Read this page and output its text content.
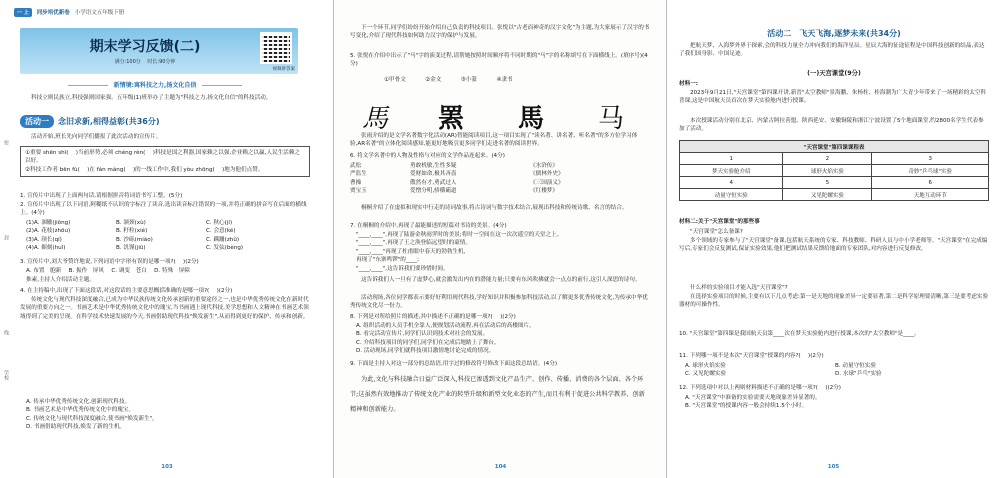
一 上	同步培优新卷 小学语文五年级下册
密
封
线
学校
期末学习反馈(二)
满分:100分 　时长:90分钟
视频讲答案
新情境:寓科技之力,扬文化自信
科技立则民族立,科技强则国家强。五年级(1)班举办了主题为"科技之力,扬文化自信"的科技活动。
活动一	念旧求新,相得益彰(共36分)
活动开始,班长先向同学们播报了此次活动的宣传片。
①重要 shēn shì( 　)当前形势,必须 chéng rèn( 　)科技是国之利器,国家赖之以强,企业赖之以赢,人民生活赖之以好。
②科技工作者 bēn fù( 　)在 fán máng( 　)的一线工作中,我们 yòu zhōng( 　)地为他们点赞。
1. 宣传片中出现了上面两句话,请根据拼音将词语书写工整。(5分)
2. 宣传片中出现了以下词语,阿糊纸不认识的字标注了读音,选出读音标注错误的一项,并将正确的拼音写在后面的横线上。(4分)
(1)A. 涸辙(jiǒng)	B. 颔颈(xù)	C. 秋心(jí)
(2)A. 花枝(zhōu)	B. 籽粒(xié)	C. 会意(ké)
(3)A. 颀长(qí)	B. 沙砾(miào)	C. 蹒跚(zhǔ)
(4)A. 媚刻(huǐ)	B. 饥馑(jiū)	C. 发弦(bèng)
3. 宣传片中,刘大爷赞许地说,下列词语中字形有误的是哪一项?( 　)(2分)
A. 布置　胞新 　B. 振作　屏风 　C. 调变　苍白 　D. 特殊　屏障
推素,主持人介绍活动主题。
4. 在主持稿中,出现了下面这段话,对这段话的主要意思概括准确的是哪一项?( 　)(2分)
传统文化与现代科技深度融合,已成为中华民族传统文化传承创新的重要途径之一,也是中华优秀传统文化在新时代发展的重要方向之一。书画艺术是中华优秀传统文化中的瑰宝,当书画遇上现代科技,美学思想和人文精神在书画艺术领域得到了完美的呈现。在科学技术快速发展的今天,书画借助现代科技"焕发新生",从而得到更好的保护、传承和创新。
A. 传承中华优秀传统文化,创新现代科技。
B. 书画艺术是中华优秀传统文化中的瑰宝。
C. 传统文化与现代科技深度融合,使书画"焕发新生"。
D. 书画借助现代科技,焕发了新的生机。
103
下一个环节,同学们纷纷开始介绍自己负责的科技项目。张悦以"古老而神奇的汉字文化"为主题,为大家展示了汉字的书写变化,介绍了现代科技如何助力汉字的保护与发展。
5. 张悦在介绍中出示了"马"字的演变过程,请帮她按照时间顺序将不同时期的"马"字的名称填写在下面横线上。(填序号)(4分)
①甲骨文 　②金文 　③小篆 　④隶书
馬 罴 馬 马
张雨介绍的是文学名著数字化活动(AR)智能阅读项目,这一项目实现了"读名著、讲名著、听名著"的多方位学习体验,AR名著"的立体化阅读感知,能更好地吸引更多同学们走进名著的阅读世界。
6. 将文学名著中的人物及性格与对应的文学作品连起来。(4分)
武松	勇敢机敏,生性多疑	《水浒传》
严监生	爱财如命,极其吝啬	《儒林外史》
曹操	傲然有才,勇武过人	《三国演义》
贾宝玉	爱憎分明,骄横霸道	《红楼梦》
桐桐介绍了在虚拟和现实中行走的诗词故事,将古诗词与数字技术结合,展现出科技和传统诗歌、名言的结合。
7. 在桐桐的介绍中,再现了最能描述的短篇对书诗的美景。(4分)
"____,____",再现了陆游金秋雨霁时的美景;将时一空间在这一次次遥空的天堂之上。
"____,____",再现了王之涣登临远望时的豪情。
"____,____"再现了杜甫眼中春天的勃勃生机,
再现了"东寨鸣锣"的____;
"____,____",这告诉我们要珍惜时间。
这告诉我们人一旦有了虚梦心,就会激发出内在的潜能力量;只要有东风吹拂就会一点点的前行,这引人深思的诗句。
活动现场,各位同学都表示要好好利用现代科技,学好知识并积极参加科技活动,以了解更多优秀传统文化,为传承中华优秀传统文化尽一份力。
8. 下列是对所给照片的描述,其中描述不正确的是哪一项?( 　)(2分)
A. 组织活动的人员手机全靠人,便规划活动流程,再在活动后的高楼图片。
B. 看完活动宣传片,同学们认识到技术对社会的发展。
C. 介绍科技项目的同学们,同学们在完成后地踏上了舞台。
D. 活动现场,同学们就科技项目激情地讨论完成的情况。
9. 下面是主持人对这一部分的总结语,用字过的修改符号修改下面这段总结语。(4分)
为此,文化与科技融合日益广泛深入,科技已渗透到文化产品生产、创作、传播、消费的各个层面、各个环节;这虽然有效地推动了传统文化产业的转型升级和新型文化业态的产生,而且有利于促进公共科学教养、创新精神和创新能力。
104
活动二　飞天飞海,逐梦未来(共34分)
把航天梦、入海梦外界于探索,会的科技力量全力冲向我们的海洋星辰。星辰大海的征途征程是中国科技创新的结晶,表达了我们国身影、中国足迹。
(一)天宫课堂(9分)
材料一:
2023年9月21日,"天宫课堂"第四课开讲,新晋"太空教师"景海鹏、朱杨柱、桂海潮为广大青少年带来了一场精彩的太空科普课,这是中国航天员首次在梦天实验舱内进行授课。
本次授课活动分别在北京、内蒙古阿拉善盟、陕西延安、安徽铜陵和浙江宁波设置了5个地面课堂,约2800名学生代表参加了活动。
"天宫课堂"第四课课程表		
1	2	3
梦天实验舱介绍	球形火焰实验	奇妙"乒乓球"实验
4	5	6
动量守恒实验	又见陀螺实验	天地互动环节
材料二:关于"天宫课堂"的那些事
"天宫课堂"怎么备课?
多个领域的专家参与了"天宫课堂"备课,包括航天系统的专家、科技教师、科研人员与中小学老师等。"天宫课堂"在完成编写后,专家们会反复测试,保证实验效果,他们把测试结果反馈给地面的专家团队,对内容进行反复修改。
什么样的实验项目才能入选"天宫课堂"?
在选择实验项目的时候,主要有以下几点考虑:第一是天地的现象差异一定要显著,第二是科学原理要清晰,第三是要考虑实验器材的可操作性。
10. "天宫课堂"第四课是我国航天员第____次在梦天实验舱内进行授课,本次的"太空教师"是____。
11. 下列哪一项不是本次"天宫课堂"授课的内容?( 　)(2分)
A. 球形火焰实验	B. 动量守恒实验
C. 又见陀螺实验	D. 水球"乒乓"实验
12. 下列选项中对以上两则材料描述不正确的是哪一项?( 　)(2分)
A. "天宫课堂"中准备的实验需要天地现象差异显著的。
B. "天宫课堂"的授课内容一般会持续1.5个小时。
105
